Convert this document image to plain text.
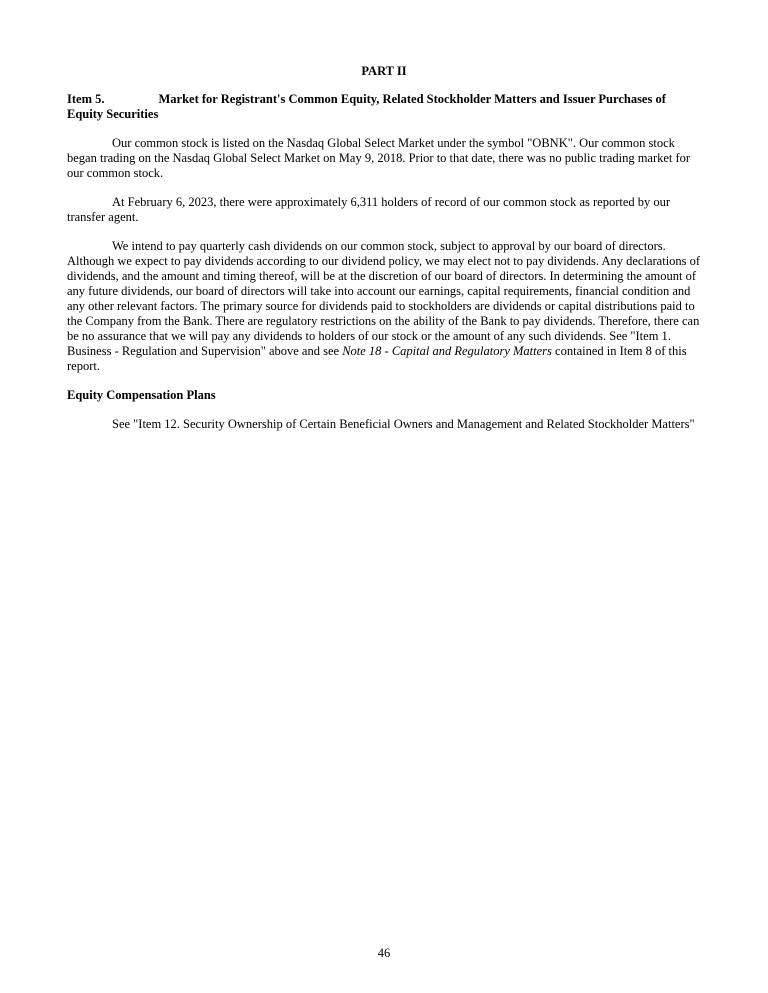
PART II

Item 5.	Market for Registrant's Common Equity, Related Stockholder Matters and Issuer Purchases of Equity Securities

Our common stock is listed on the Nasdaq Global Select Market under the symbol "OBNK". Our common stock began trading on the Nasdaq Global Select Market on May 9, 2018. Prior to that date, there was no public trading market for our common stock.

At February 6, 2023, there were approximately 6,311 holders of record of our common stock as reported by our transfer agent.

We intend to pay quarterly cash dividends on our common stock, subject to approval by our board of directors. Although we expect to pay dividends according to our dividend policy, we may elect not to pay dividends. Any declarations of dividends, and the amount and timing thereof, will be at the discretion of our board of directors. In determining the amount of any future dividends, our board of directors will take into account our earnings, capital requirements, financial condition and any other relevant factors. The primary source for dividends paid to stockholders are dividends or capital distributions paid to the Company from the Bank. There are regulatory restrictions on the ability of the Bank to pay dividends. Therefore, there can be no assurance that we will pay any dividends to holders of our stock or the amount of any such dividends. See "Item 1. Business - Regulation and Supervision" above and see Note 18 - Capital and Regulatory Matters contained in Item 8 of this report.

Equity Compensation Plans

See "Item 12. Security Ownership of Certain Beneficial Owners and Management and Related Stockholder Matters"

46
